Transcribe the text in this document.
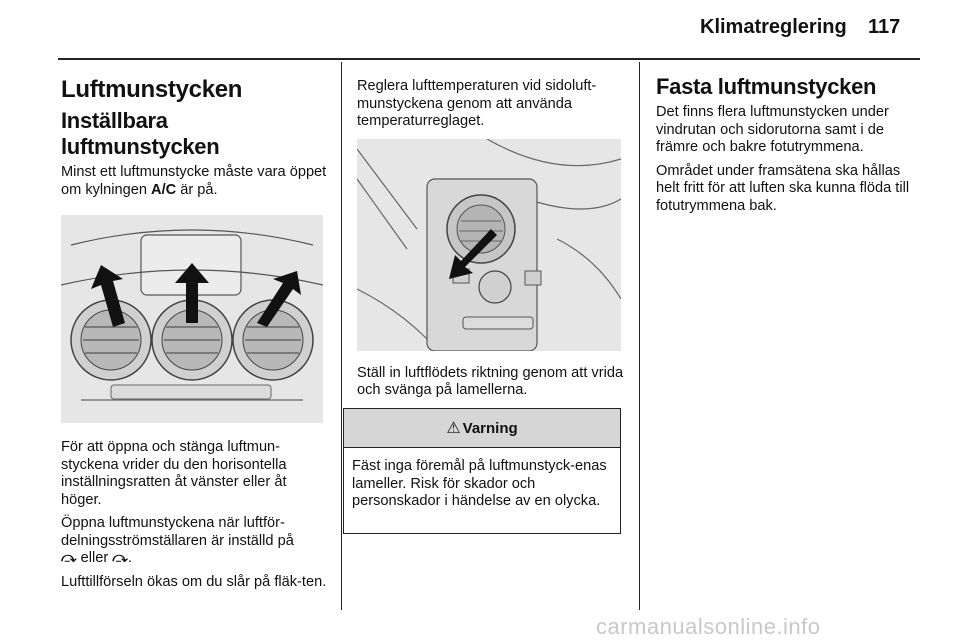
Klimatreglering 117
Luftmunstycken
Inställbara luftmunstycken

Minst ett luftmunstycke måste vara öppet om kylningen A/C är på.

För att öppna och stänga luftmun-styckena vrider du den horisontella inställningsratten åt vänster eller åt höger.

Öppna luftmunstyckena när luftför-delningsströmställaren är inställd på
⤼ eller ⤼.

Lufttillförseln ökas om du slår på fläk-ten.

Reglera lufttemperaturen vid sidoluft-munstyckena genom att använda temperaturreglaget.

Ställ in luftflödets riktning genom att vrida och svänga på lamellerna.

⚠ Varning
Fäst inga föremål på luftmunstyck-enas lameller. Risk för skador och personskador i händelse av en olycka.
Fasta luftmunstycken

Det finns flera luftmunstycken under vindrutan och sidorutorna samt i de främre och bakre fotutrymmena.

Området under framsätena ska hållas helt fritt för att luften ska kunna flöda till fotutrymmena bak.

carmanualsonline.info
